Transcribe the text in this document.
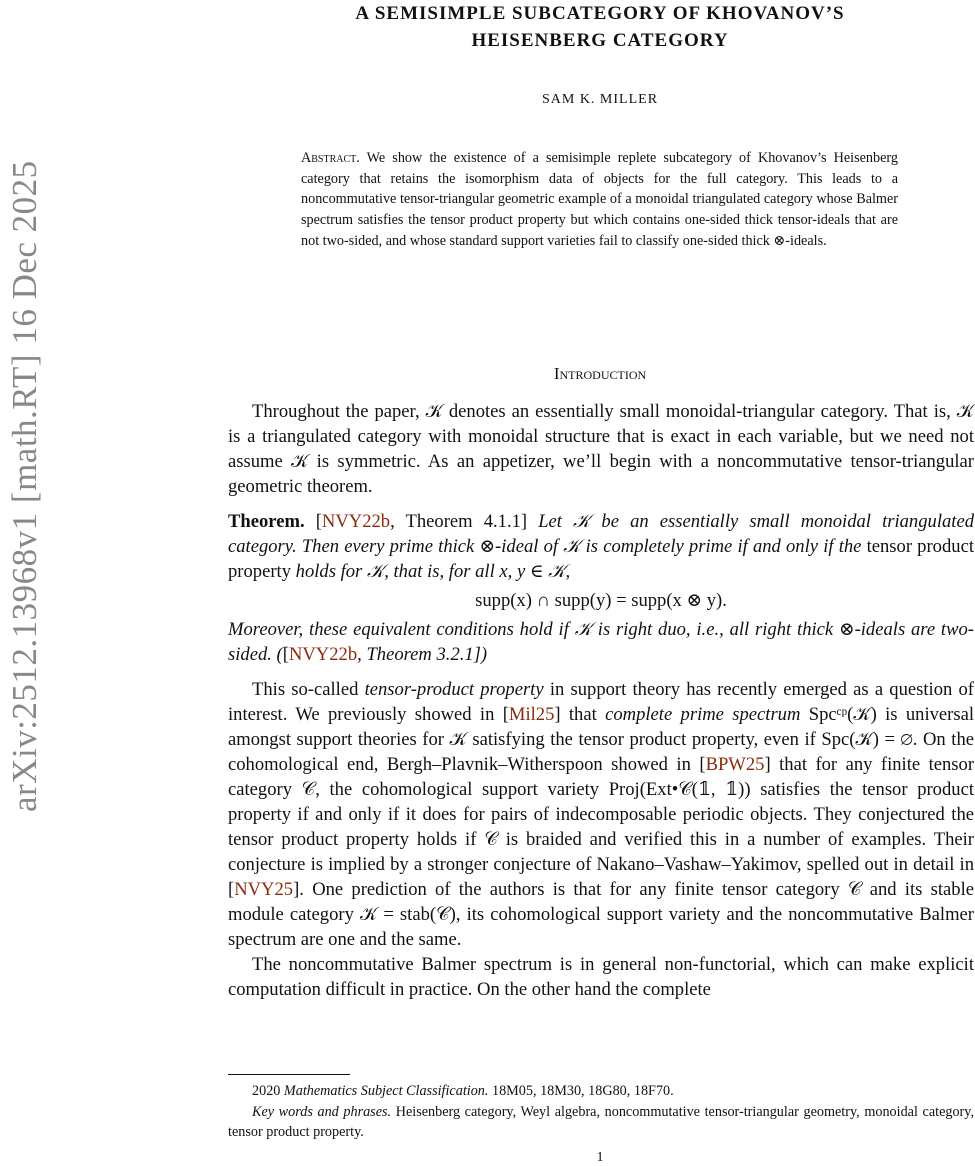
arXiv:2512.13968v1 [math.RT] 16 Dec 2025
A SEMISIMPLE SUBCATEGORY OF KHOVANOV’S
HEISENBERG CATEGORY
SAM K. MILLER
Abstract. We show the existence of a semisimple replete subcategory of Khovanov’s Heisenberg category that retains the isomorphism data of objects for the full category. This leads to a noncommutative tensor-triangular geometric example of a monoidal triangulated category whose Balmer spectrum satisfies the tensor product property but which contains one-sided thick tensor-ideals that are not two-sided, and whose standard support varieties fail to classify one-sided thick ⊗-ideals.
Introduction

Throughout the paper, 𝒦 denotes an essentially small monoidal-triangular category. That is, 𝒦 is a triangulated category with monoidal structure that is exact in each variable, but we need not assume 𝒦 is symmetric. As an appetizer, we’ll begin with a noncommutative tensor-triangular geometric theorem.

Theorem. [NVY22b, Theorem 4.1.1] Let 𝒦 be an essentially small monoidal triangulated category. Then every prime thick ⊗-ideal of 𝒦 is completely prime if and only if the tensor product property holds for 𝒦, that is, for all x, y ∈ 𝒦,

supp(x) ∩ supp(y) = supp(x ⊗ y).

Moreover, these equivalent conditions hold if 𝒦 is right duo, i.e., all right thick ⊗-ideals are two-sided. ([NVY22b, Theorem 3.2.1])

This so-called tensor-product property in support theory has recently emerged as a question of interest. We previously showed in [Mil25] that complete prime spectrum Spcᶜᵖ(𝒦) is universal amongst support theories for 𝒦 satisfying the tensor product property, even if Spc(𝒦) = ∅. On the cohomological end, Bergh–Plavnik–Witherspoon showed in [BPW25] that for any finite tensor category 𝒞, the cohomological support variety Proj(Ext•𝒞(𝟙, 𝟙)) satisfies the tensor product property if and only if it does for pairs of indecomposable periodic objects. They conjectured the tensor product property holds if 𝒞 is braided and verified this in a number of examples. Their conjecture is implied by a stronger conjecture of Nakano–Vashaw–Yakimov, spelled out in detail in [NVY25]. One prediction of the authors is that for any finite tensor category 𝒞 and its stable module category 𝒦 = stab(𝒞), its cohomological support variety and the noncommutative Balmer spectrum are one and the same.

The noncommutative Balmer spectrum is in general non-functorial, which can make explicit computation difficult in practice. On the other hand the complete

2020 Mathematics Subject Classification. 18M05, 18M30, 18G80, 18F70.

Key words and phrases. Heisenberg category, Weyl algebra, noncommutative tensor-triangular geometry, monoidal category, tensor product property.

1
